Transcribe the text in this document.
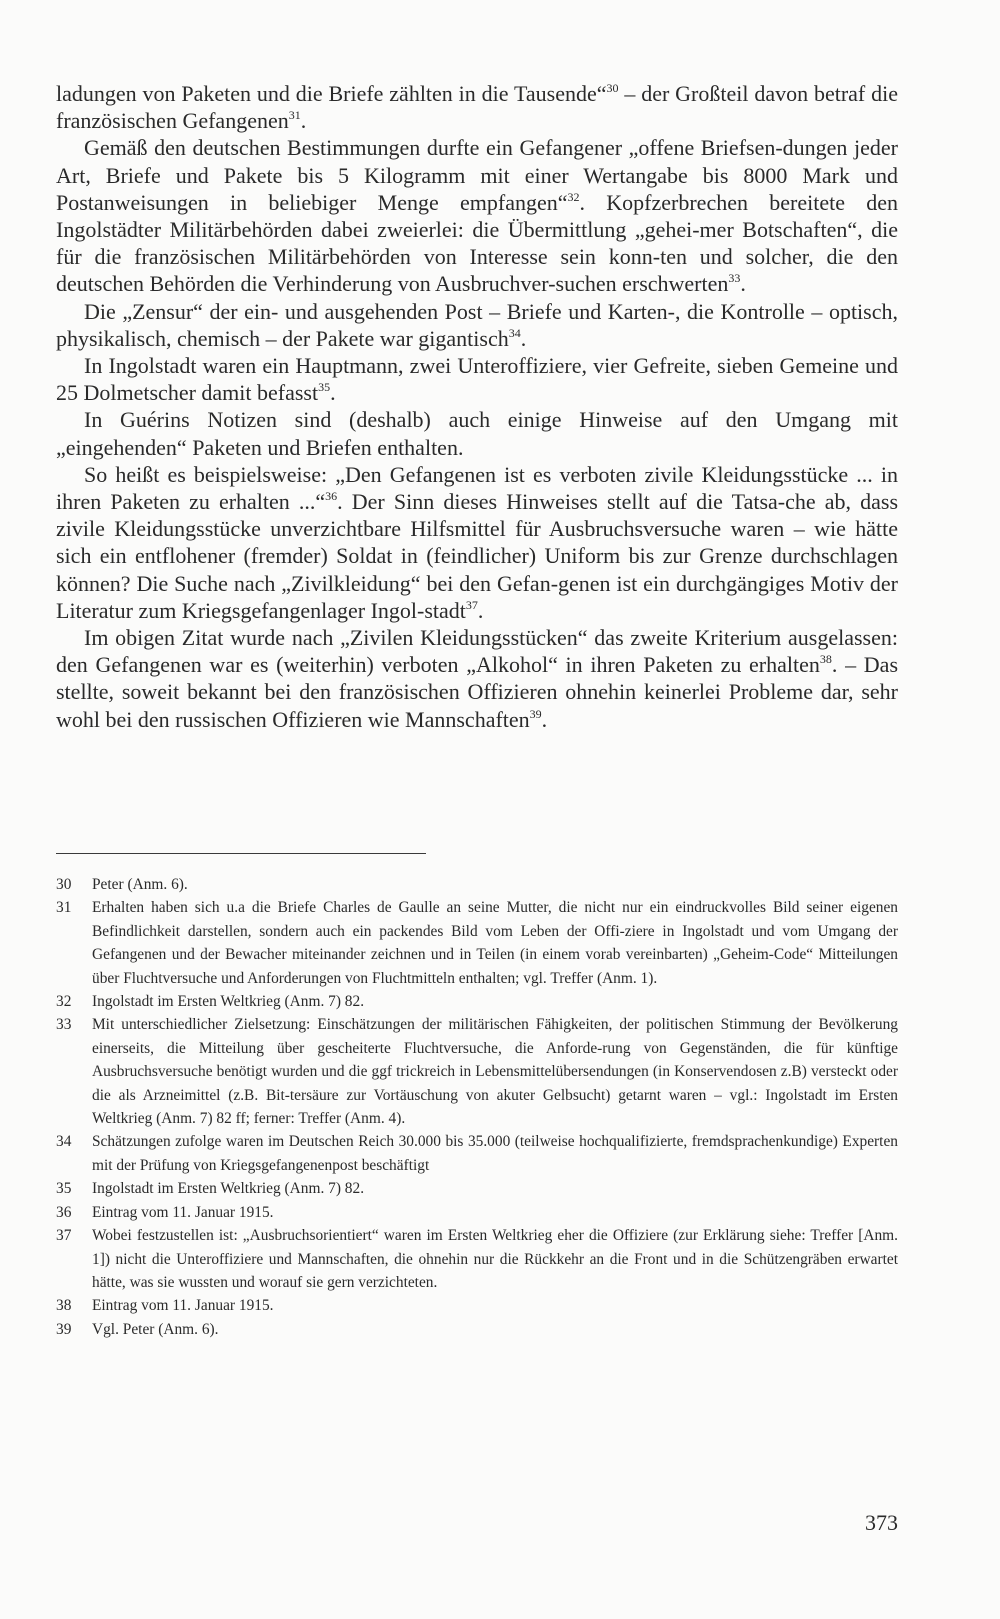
ladungen von Paketen und die Briefe zählten in die Tausende“$^{30}$ – der Großteil davon betraf die französischen Gefangenen$^{31}$.

Gemäß den deutschen Bestimmungen durfte ein Gefangener „offene Briefsen-dungen jeder Art, Briefe und Pakete bis 5 Kilogramm mit einer Wertangabe bis 8000 Mark und Postanweisungen in beliebiger Menge empfangen“$^{32}$. Kopfzerbrechen bereitete den Ingolstädter Militärbehörden dabei zweierlei: die Übermittlung „gehei-mer Botschaften“, die für die französischen Militärbehörden von Interesse sein konn-ten und solcher, die den deutschen Behörden die Verhinderung von Ausbruchver-suchen erschwerten$^{33}$.

Die „Zensur“ der ein- und ausgehenden Post – Briefe und Karten-, die Kontrolle – optisch, physikalisch, chemisch – der Pakete war gigantisch$^{34}$.

In Ingolstadt waren ein Hauptmann, zwei Unteroffiziere, vier Gefreite, sieben Gemeine und 25 Dolmetscher damit befasst$^{35}$.

In Guérins Notizen sind (deshalb) auch einige Hinweise auf den Umgang mit „eingehenden“ Paketen und Briefen enthalten.

So heißt es beispielsweise: „Den Gefangenen ist es verboten zivile Kleidungsstücke ... in ihren Paketen zu erhalten ...“$^{36}$. Der Sinn dieses Hinweises stellt auf die Tatsa-che ab, dass zivile Kleidungsstücke unverzichtbare Hilfsmittel für Ausbruchsversuche waren – wie hätte sich ein entflohener (fremder) Soldat in (feindlicher) Uniform bis zur Grenze durchschlagen können? Die Suche nach „Zivilkleidung“ bei den Gefan-genen ist ein durchgängiges Motiv der Literatur zum Kriegsgefangenlager Ingol-stadt$^{37}$.

Im obigen Zitat wurde nach „Zivilen Kleidungsstücken“ das zweite Kriterium ausgelassen: den Gefangenen war es (weiterhin) verboten „Alkohol“ in ihren Paketen zu erhalten$^{38}$. – Das stellte, soweit bekannt bei den französischen Offizieren ohnehin keinerlei Probleme dar, sehr wohl bei den russischen Offizieren wie Mannschaften$^{39}$.

30	Peter (Anm. 6).
31	Erhalten haben sich u.a die Briefe Charles de Gaulle an seine Mutter, die nicht nur ein eindruckvolles Bild seiner eigenen Befindlichkeit darstellen, sondern auch ein packendes Bild vom Leben der Offi-ziere in Ingolstadt und vom Umgang der Gefangenen und der Bewacher miteinander zeichnen und in Teilen (in einem vorab vereinbarten) „Geheim-Code“ Mitteilungen über Fluchtversuche und Anforderungen von Fluchtmitteln enthalten; vgl. Treffer (Anm. 1).
32	Ingolstadt im Ersten Weltkrieg (Anm. 7) 82.
33	Mit unterschiedlicher Zielsetzung: Einschätzungen der militärischen Fähigkeiten, der politischen Stimmung der Bevölkerung einerseits, die Mitteilung über gescheiterte Fluchtversuche, die Anforde-rung von Gegenständen, die für künftige Ausbruchsversuche benötigt wurden und die ggf trickreich in Lebensmittelübersendungen (in Konservendosen z.B) versteckt oder die als Arzneimittel (z.B. Bit-tersäure zur Vortäuschung von akuter Gelbsucht) getarnt waren – vgl.: Ingolstadt im Ersten Weltkrieg (Anm. 7) 82 ff; ferner: Treffer (Anm. 4).
34	Schätzungen zufolge waren im Deutschen Reich 30.000 bis 35.000 (teilweise hochqualifizierte, fremdsprachenkundige) Experten mit der Prüfung von Kriegsgefangenenpost beschäftigt
35	Ingolstadt im Ersten Weltkrieg (Anm. 7) 82.
36	Eintrag vom 11. Januar 1915.
37	Wobei festzustellen ist: „Ausbruchsorientiert“ waren im Ersten Weltkrieg eher die Offiziere (zur Erklärung siehe: Treffer [Anm. 1]) nicht die Unteroffiziere und Mannschaften, die ohnehin nur die Rückkehr an die Front und in die Schützengräben erwartet hätte, was sie wussten und worauf sie gern verzichteten.
38	Eintrag vom 11. Januar 1915.
39	Vgl. Peter (Anm. 6).
373
